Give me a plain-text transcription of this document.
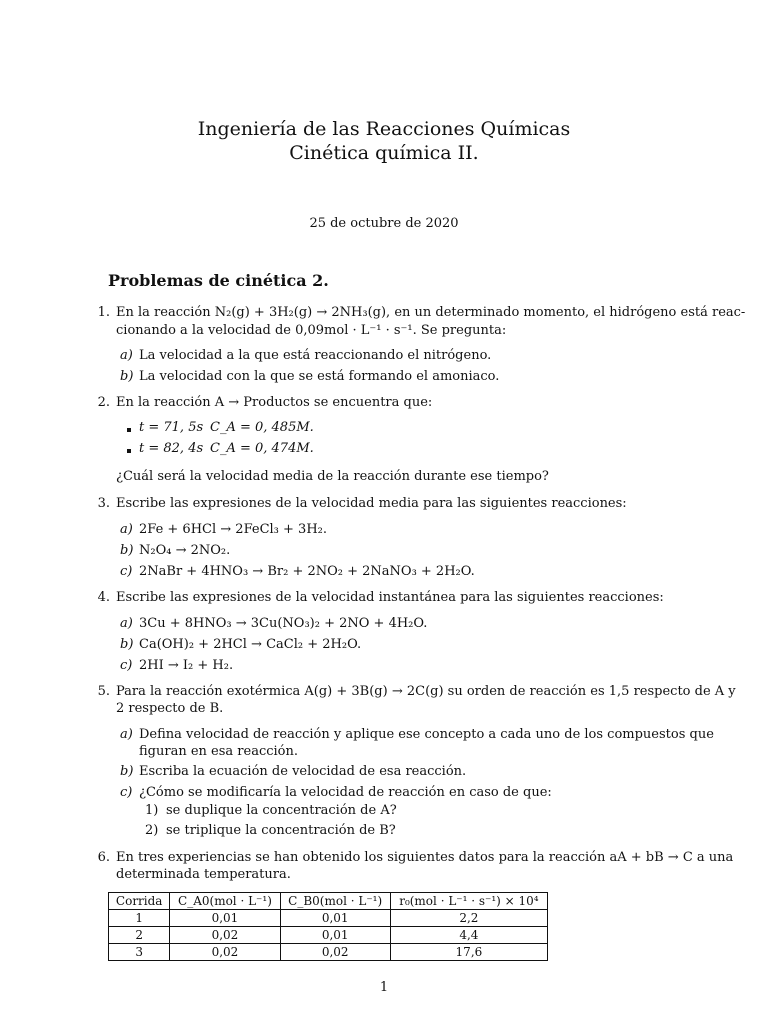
Ingeniería de las Reacciones Químicas
Cinética química II.
25 de octubre de 2020
Problemas de cinética 2.
1. En la reacción N₂(g) + 3H₂(g) → 2NH₃(g), en un determinado momento, el hidrógeno está reac-
cionando a la velocidad de 0,09mol · L⁻¹ · s⁻¹. Se pregunta:
a) La velocidad a la que está reaccionando el nitrógeno.
b) La velocidad con la que se está formando el amoniaco.
2. En la reacción A → Productos se encuentra que:
t = 71, 5s C_A = 0, 485M.
t = 82, 4s C_A = 0, 474M.
¿Cuál será la velocidad media de la reacción durante ese tiempo?
3. Escribe las expresiones de la velocidad media para las siguientes reacciones:
a) 2Fe + 6HCl → 2FeCl₃ + 3H₂.
b) N₂O₄ → 2NO₂.
c) 2NaBr + 4HNO₃ → Br₂ + 2NO₂ + 2NaNO₃ + 2H₂O.
4. Escribe las expresiones de la velocidad instantánea para las siguientes reacciones:
a) 3Cu + 8HNO₃ → 3Cu(NO₃)₂ + 2NO + 4H₂O.
b) Ca(OH)₂ + 2HCl → CaCl₂ + 2H₂O.
c) 2HI → I₂ + H₂.
5. Para la reacción exotérmica A(g) + 3B(g) → 2C(g) su orden de reacción es 1,5 respecto de A y
2 respecto de B.
a) Defina velocidad de reacción y aplique ese concepto a cada uno de los compuestos que
figuran en esa reacción.
b) Escriba la ecuación de velocidad de esa reacción.
c) ¿Cómo se modificaría la velocidad de reacción en caso de que:
1) se duplique la concentración de A?
2) se triplique la concentración de B?
6. En tres experiencias se han obtenido los siguientes datos para la reacción aA + bB → C a una
determinada temperatura.
Corrida	C_A0(mol · L⁻¹)	C_B0(mol · L⁻¹)	r₀(mol · L⁻¹ · s⁻¹) × 10⁴
1	0,01	0,01	2,2
2	0,02	0,01	4,4
3	0,02	0,02	17,6
1
